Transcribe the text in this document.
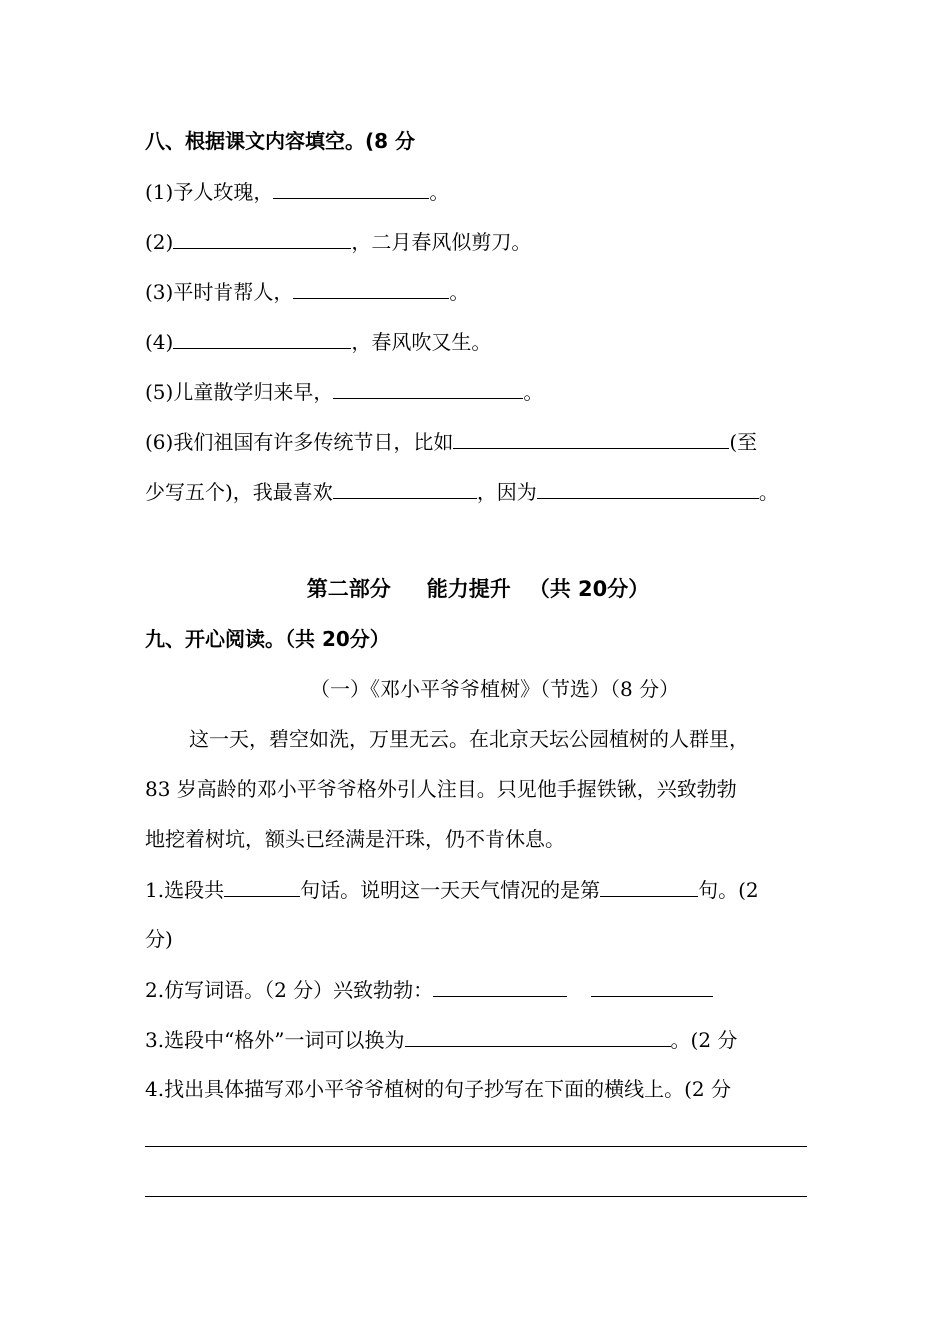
八、根据课文内容填空。(8 分
(1)予人玫瑰，	。
(2)	，二月春风似剪刀。
(3)平时肯帮人，	。
(4)	，春风吹又生。
(5)儿童散学归来早，	。
(6)我们祖国有许多传统节日，比如	(至
少写五个)，我最喜欢	，因为	。
第二部分 能力提升 （共 20分）
九、开心阅读。（共 20分）
（一）《邓小平爷爷植树》（节选）（8 分）
这一天，碧空如洗，万里无云。在北京天坛公园植树的人群里，
83 岁高龄的邓小平爷爷格外引人注目。只见他手握铁锹，兴致勃勃
地挖着树坑，额头已经满是汗珠，仍不肯休息。
1.选段共	句话。说明这一天天气情况的是第	句。(2
分)
2.仿写词语。（2 分）兴致勃勃：
3.选段中“格外”一词可以换为	。(2 分
4.找出具体描写邓小平爷爷植树的句子抄写在下面的横线上。(2 分
